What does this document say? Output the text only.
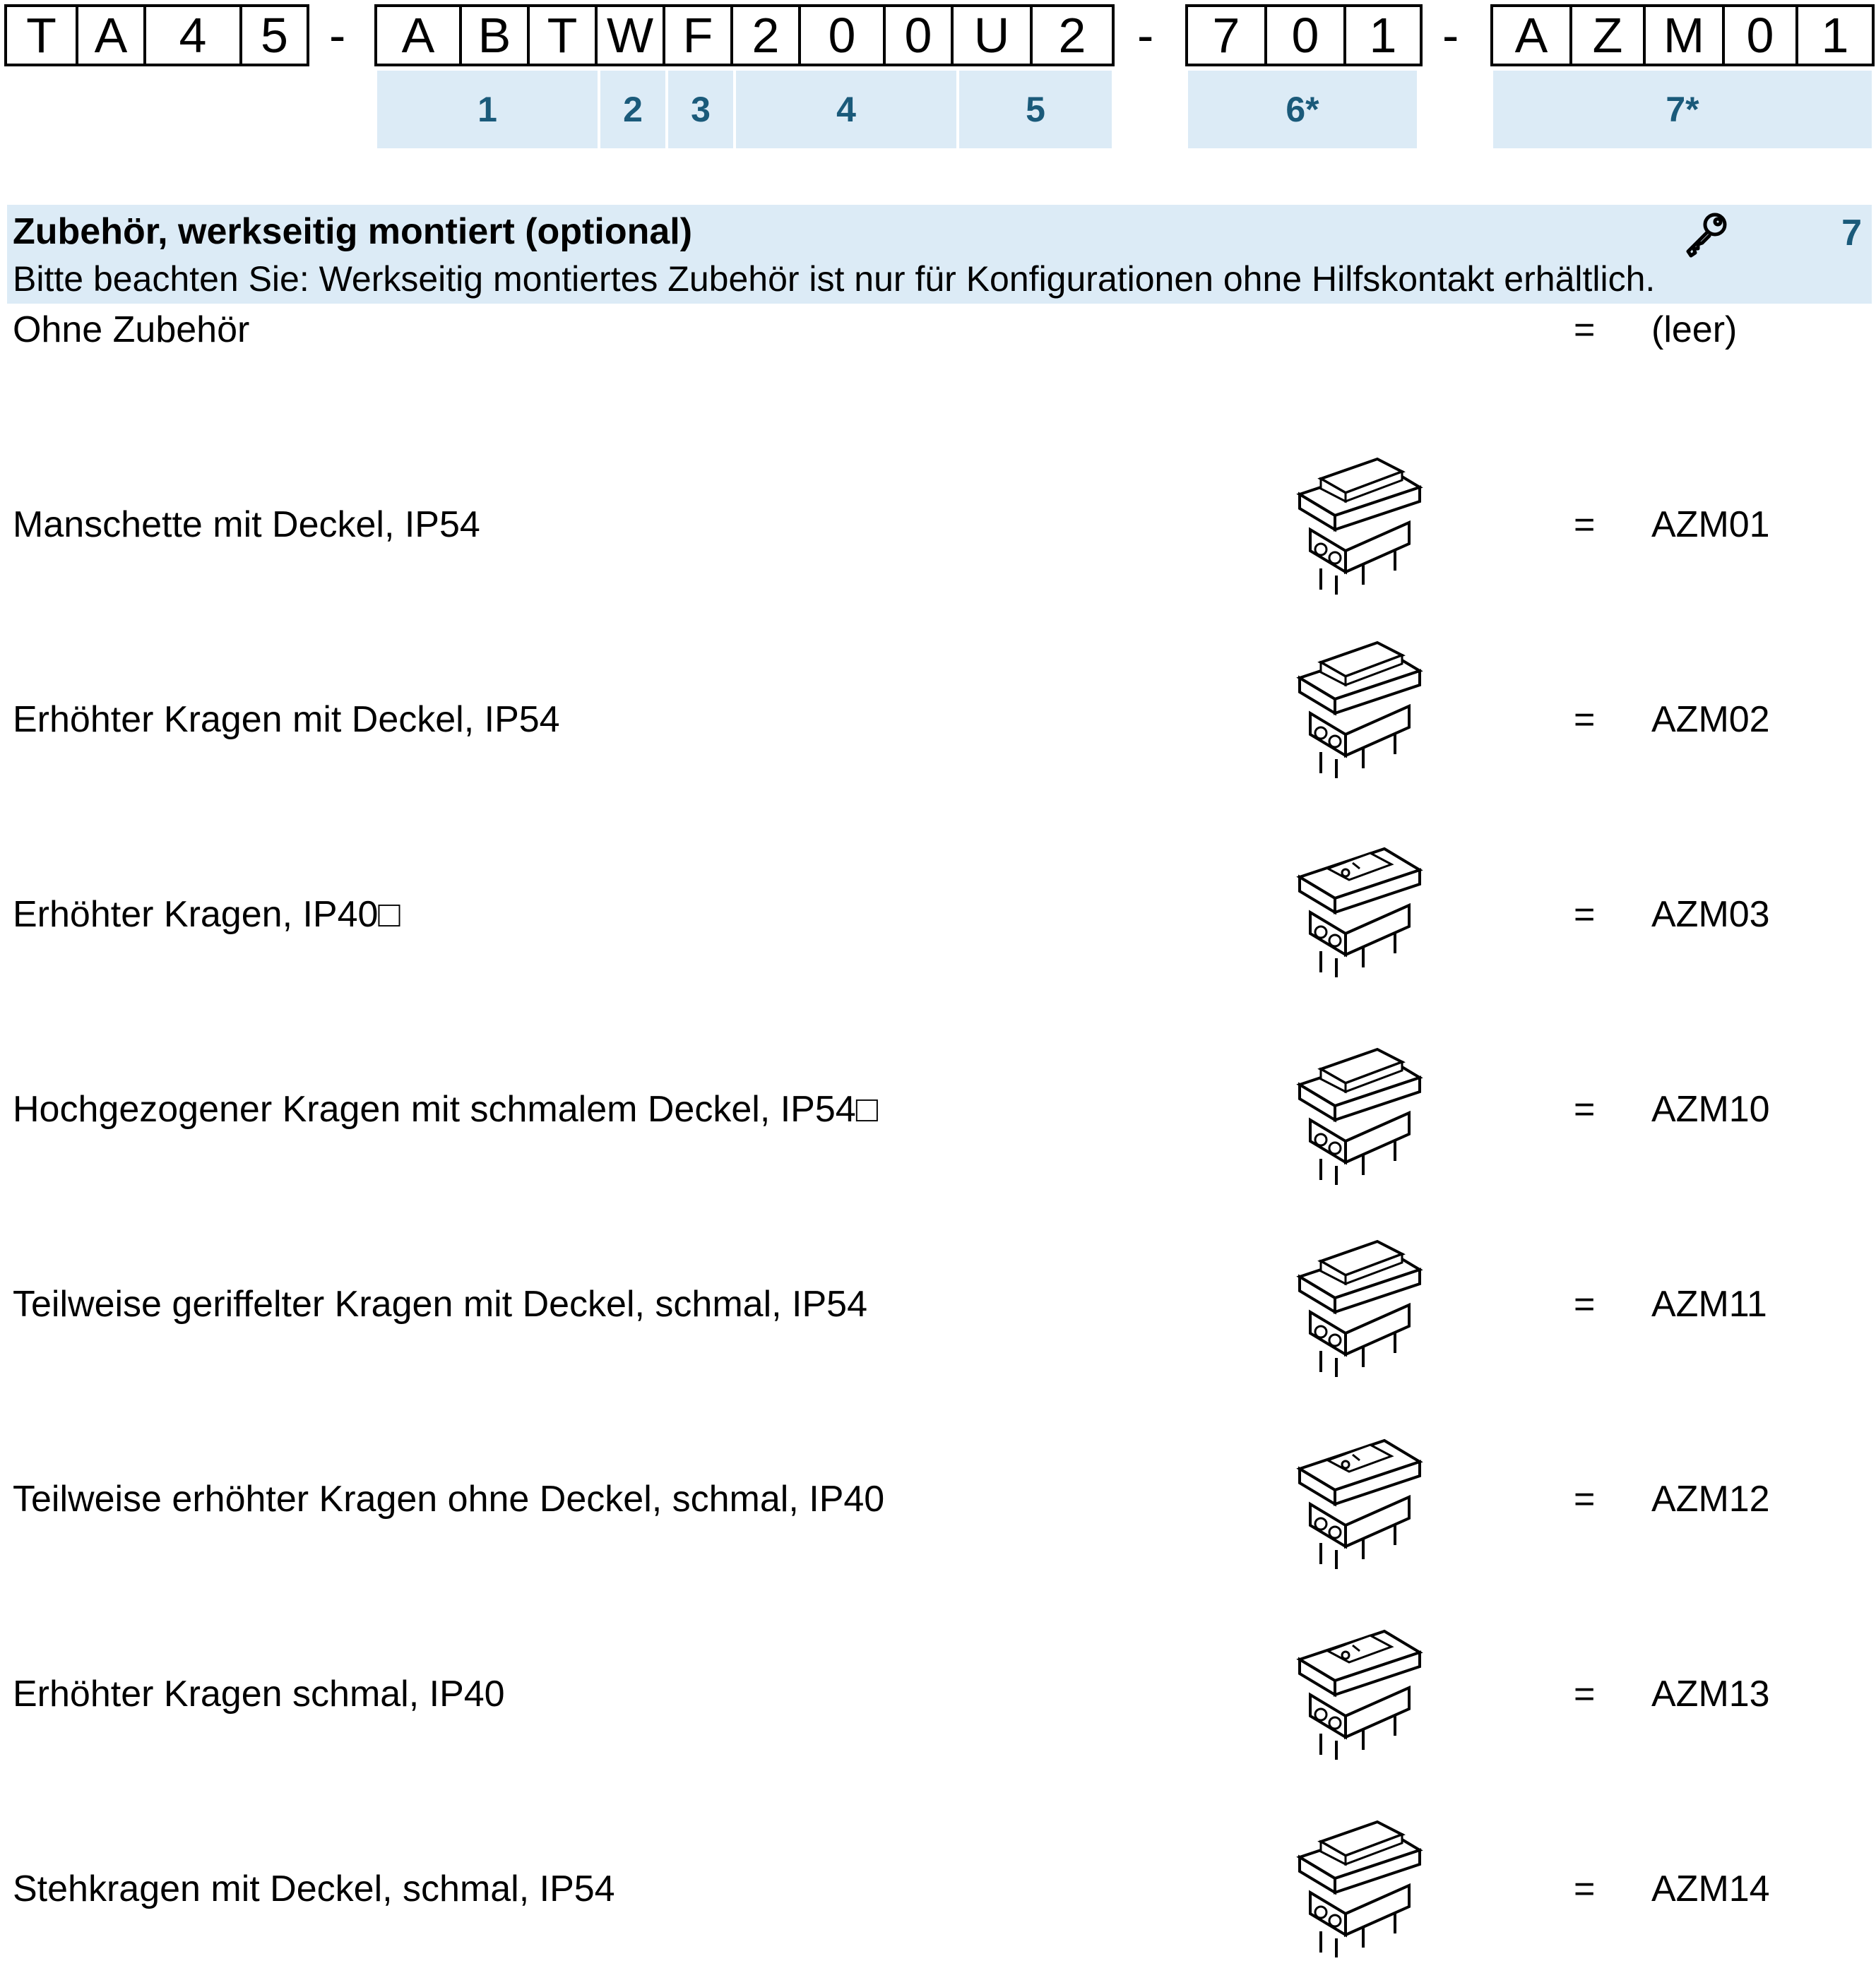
T A	4	5 -	A B T W F 2 0 0 U 2	-	7	0	1 -	A Z M 0 1
1	2	3	4	5	6*	7*
Zubehör, werkseitig montiert (optional)	7
Bitte beachten Sie: Werkseitig montiertes Zubehör ist nur für Konfigurationen ohne Hilfskontakt erhältlich.
Ohne Zubehör	= (leer)
Manschette mit Deckel, IP54	= AZM01
Erhöhter Kragen mit Deckel, IP54	= AZM02
Erhöhter Kragen, IP40□	= AZM03
Hochgezogener Kragen mit schmalem Deckel, IP54□	= AZM10
Teilweise geriffelter Kragen mit Deckel, schmal, IP54	= AZM11
Teilweise erhöhter Kragen ohne Deckel, schmal, IP40	= AZM12
Erhöhter Kragen schmal, IP40	= AZM13
Stehkragen mit Deckel, schmal, IP54	= AZM14
